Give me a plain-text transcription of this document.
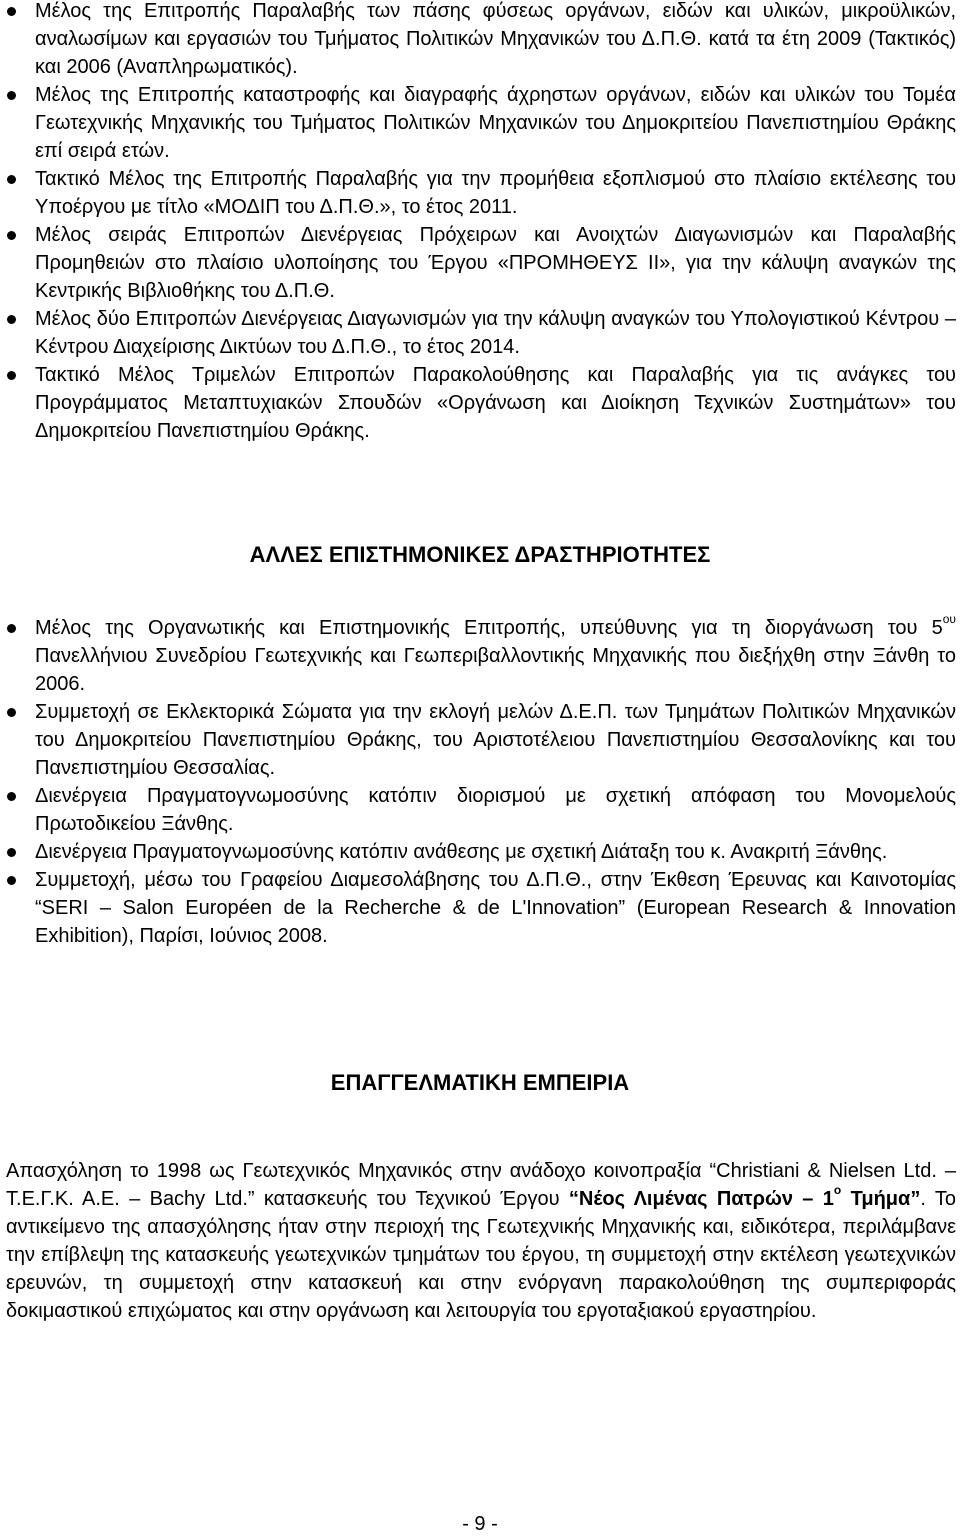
Μέλος της Επιτροπής Παραλαβής των πάσης φύσεως οργάνων, ειδών και υλικών, μικροϋλικών, αναλωσίμων και εργασιών του Τμήματος Πολιτικών Μηχανικών του Δ.Π.Θ. κατά τα έτη 2009 (Τακτικός) και 2006 (Αναπληρωματικός).
Μέλος της Επιτροπής καταστροφής και διαγραφής άχρηστων οργάνων, ειδών και υλικών του Τομέα Γεωτεχνικής Μηχανικής του Τμήματος Πολιτικών Μηχανικών του Δημοκριτείου Πανεπιστημίου Θράκης επί σειρά ετών.
Τακτικό Μέλος της Επιτροπής Παραλαβής για την προμήθεια εξοπλισμού στο πλαίσιο εκτέλεσης του Υποέργου με τίτλο «ΜΟΔΙΠ του Δ.Π.Θ.», το έτος 2011.
Μέλος σειράς Επιτροπών Διενέργειας Πρόχειρων και Ανοιχτών Διαγωνισμών και Παραλαβής Προμηθειών στο πλαίσιο υλοποίησης του Έργου «ΠΡΟΜΗΘΕΥΣ ΙΙ», για την κάλυψη αναγκών της Κεντρικής Βιβλιοθήκης του Δ.Π.Θ.
Μέλος δύο Επιτροπών Διενέργειας Διαγωνισμών για την κάλυψη αναγκών του Υπολογιστικού Κέντρου – Κέντρου Διαχείρισης Δικτύων του Δ.Π.Θ., το έτος 2014.
Τακτικό Μέλος Τριμελών Επιτροπών Παρακολούθησης και Παραλαβής για τις ανάγκες του Προγράμματος Μεταπτυχιακών Σπουδών «Οργάνωση και Διοίκηση Τεχνικών Συστημάτων» του Δημοκριτείου Πανεπιστημίου Θράκης.
ΑΛΛΕΣ ΕΠΙΣΤΗΜΟΝΙΚΕΣ ΔΡΑΣΤΗΡΙΟΤΗΤΕΣ
Μέλος της Οργανωτικής και Επιστημονικής Επιτροπής, υπεύθυνης για τη διοργάνωση του $5^{o\upsilon}$ Πανελλήνιου Συνεδρίου Γεωτεχνικής και Γεωπεριβαλλοντικής Μηχανικής που διεξήχθη στην Ξάνθη το 2006.
Συμμετοχή σε Εκλεκτορικά Σώματα για την εκλογή μελών Δ.Ε.Π. των Τμημάτων Πολιτικών Μηχανικών του Δημοκριτείου Πανεπιστημίου Θράκης, του Αριστοτέλειου Πανεπιστημίου Θεσσαλονίκης και του Πανεπιστημίου Θεσσαλίας.
Διενέργεια Πραγματογνωμοσύνης κατόπιν διορισμού με σχετική απόφαση του Μονομελούς Πρωτοδικείου Ξάνθης.
Διενέργεια Πραγματογνωμοσύνης κατόπιν ανάθεσης με σχετική Διάταξη του κ. Ανακριτή Ξάνθης.
Συμμετοχή, μέσω του Γραφείου Διαμεσολάβησης του Δ.Π.Θ., στην Έκθεση Έρευνας και Καινοτομίας “SERI – Salon Européen de la Recherche & de L'Innovation” (European Research & Innovation Exhibition), Παρίσι, Ιούνιος 2008.
ΕΠΑΓΓΕΛΜΑΤΙΚΗ ΕΜΠΕΙΡΙΑ

Απασχόληση το 1998 ως Γεωτεχνικός Μηχανικός στην ανάδοχο κοινοπραξία “Christiani & Nielsen Ltd. – Τ.Ε.Γ.Κ. Α.Ε. – Bachy Ltd.” κατασκευής του Τεχνικού Έργου “Νέος Λιμένας Πατρών – $1^o$ Τμήμα”. Το αντικείμενο της απασχόλησης ήταν στην περιοχή της Γεωτεχνικής Μηχανικής και, ειδικότερα, περιλάμβανε την επίβλεψη της κατασκευής γεωτεχνικών τμημάτων του έργου, τη συμμετοχή στην εκτέλεση γεωτεχνικών ερευνών, τη συμμετοχή στην κατασκευή και στην ενόργανη παρακολούθηση της συμπεριφοράς δοκιμαστικού επιχώματος και στην οργάνωση και λειτουργία του εργοταξιακού εργαστηρίου.

- 9 -
